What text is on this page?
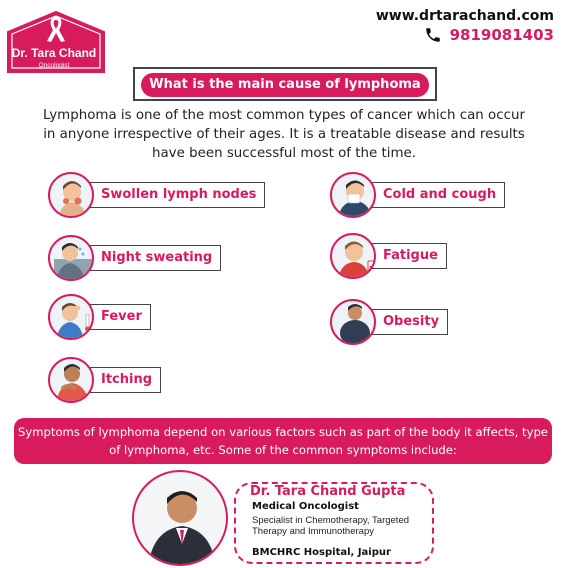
Dr. Tara Chand
Oncologist
www.drtarachand.com
9819081403
What is the main cause of lymphoma
Lymphoma is one of the most common types of cancer which can occur in anyone irrespective of their ages. It is a treatable disease and results have been successful most of the time.
Swollen lymph nodes
Night sweating
Fever
Itching
Cold and cough
Fatigue
Obesity
Symptoms of lymphoma depend on various factors such as part of the body it affects, type of lymphoma, etc. Some of the common symptoms include:
Dr. Tara Chand Gupta
Medical Oncologist
Specialist in Chemotherapy, Targeted Therapy and Immunotherapy
BMCHRC Hospital, Jaipur
